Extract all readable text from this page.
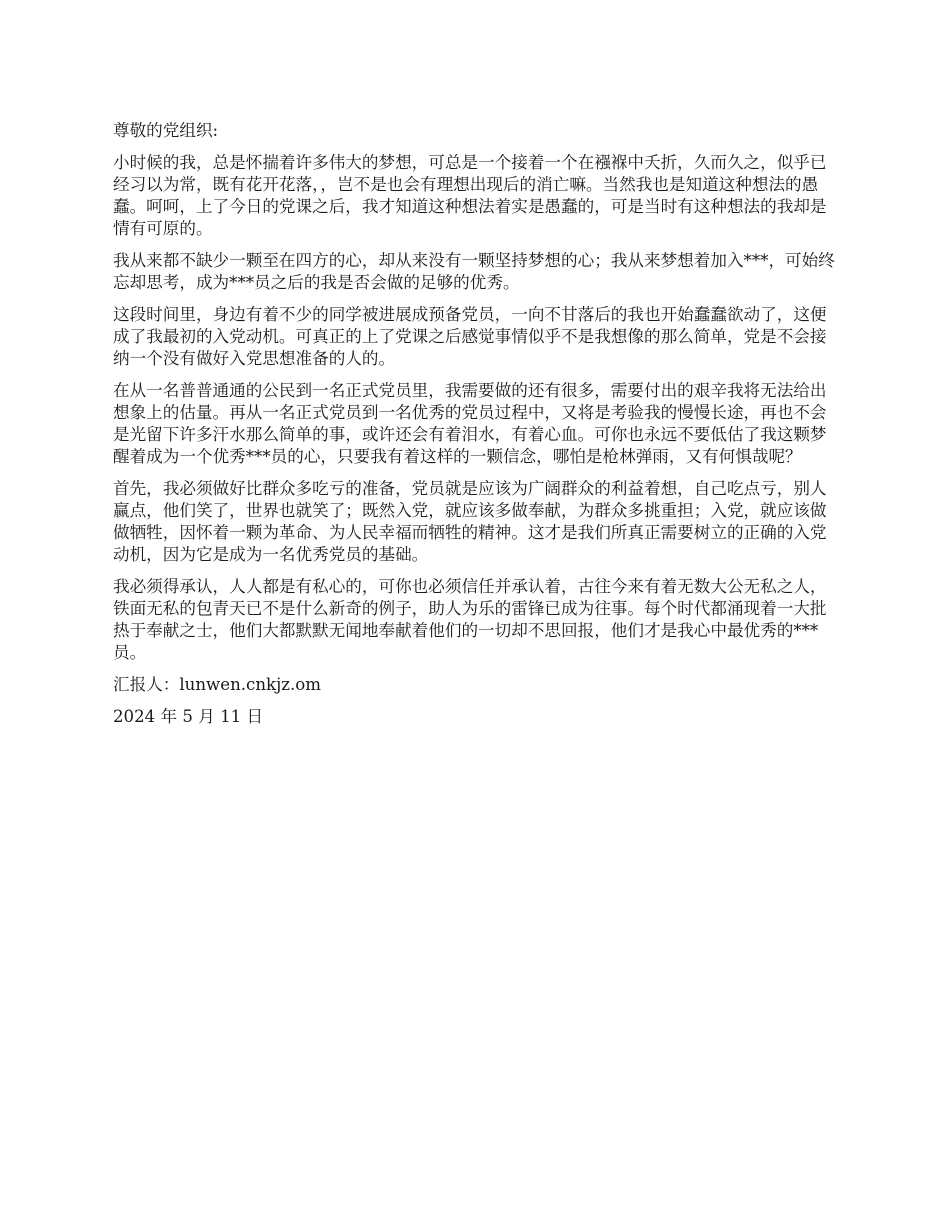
尊敬的党组织:

小时候的我，总是怀揣着许多伟大的梦想，可总是一个接着一个在襁褓中夭折，久而久之，似乎已经习以为常，既有花开花落，，岂不是也会有理想出现后的消亡嘛。当然我也是知道这种想法的愚蠢。呵呵，上了今日的党课之后，我才知道这种想法着实是愚蠢的，可是当时有这种想法的我却是情有可原的。

我从来都不缺少一颗至在四方的心，却从来没有一颗坚持梦想的心；我从来梦想着加入***，可始终忘却思考，成为***员之后的我是否会做的足够的优秀。

这段时间里，身边有着不少的同学被进展成预备党员，一向不甘落后的我也开始蠢蠢欲动了，这便成了我最初的入党动机。可真正的上了党课之后感觉事情似乎不是我想像的那么简单，党是不会接纳一个没有做好入党思想准备的人的。

在从一名普普通通的公民到一名正式党员里，我需要做的还有很多，需要付出的艰辛我将无法给出想象上的估量。再从一名正式党员到一名优秀的党员过程中，又将是考验我的慢慢长途，再也不会是光留下许多汗水那么简单的事，或许还会有着泪水，有着心血。可你也永远不要低估了我这颗梦醒着成为一个优秀***员的心，只要我有着这样的一颗信念，哪怕是枪林弹雨，又有何惧哉呢？

首先，我必须做好比群众多吃亏的准备，党员就是应该为广阔群众的利益着想，自己吃点亏，别人赢点，他们笑了，世界也就笑了；既然入党，就应该多做奉献，为群众多挑重担；入党，就应该做做牺牲，因怀着一颗为革命、为人民幸福而牺牲的精神。这才是我们所真正需要树立的正确的入党动机，因为它是成为一名优秀党员的基础。

我必须得承认，人人都是有私心的，可你也必须信任并承认着，古往今来有着无数大公无私之人，铁面无私的包青天已不是什么新奇的例子，助人为乐的雷锋已成为往事。每个时代都涌现着一大批热于奉献之士，他们大都默默无闻地奉献着他们的一切却不思回报，他们才是我心中最优秀的***员。

汇报人：lunwen.cnkjz.om

2024 年 5 月 11 日
